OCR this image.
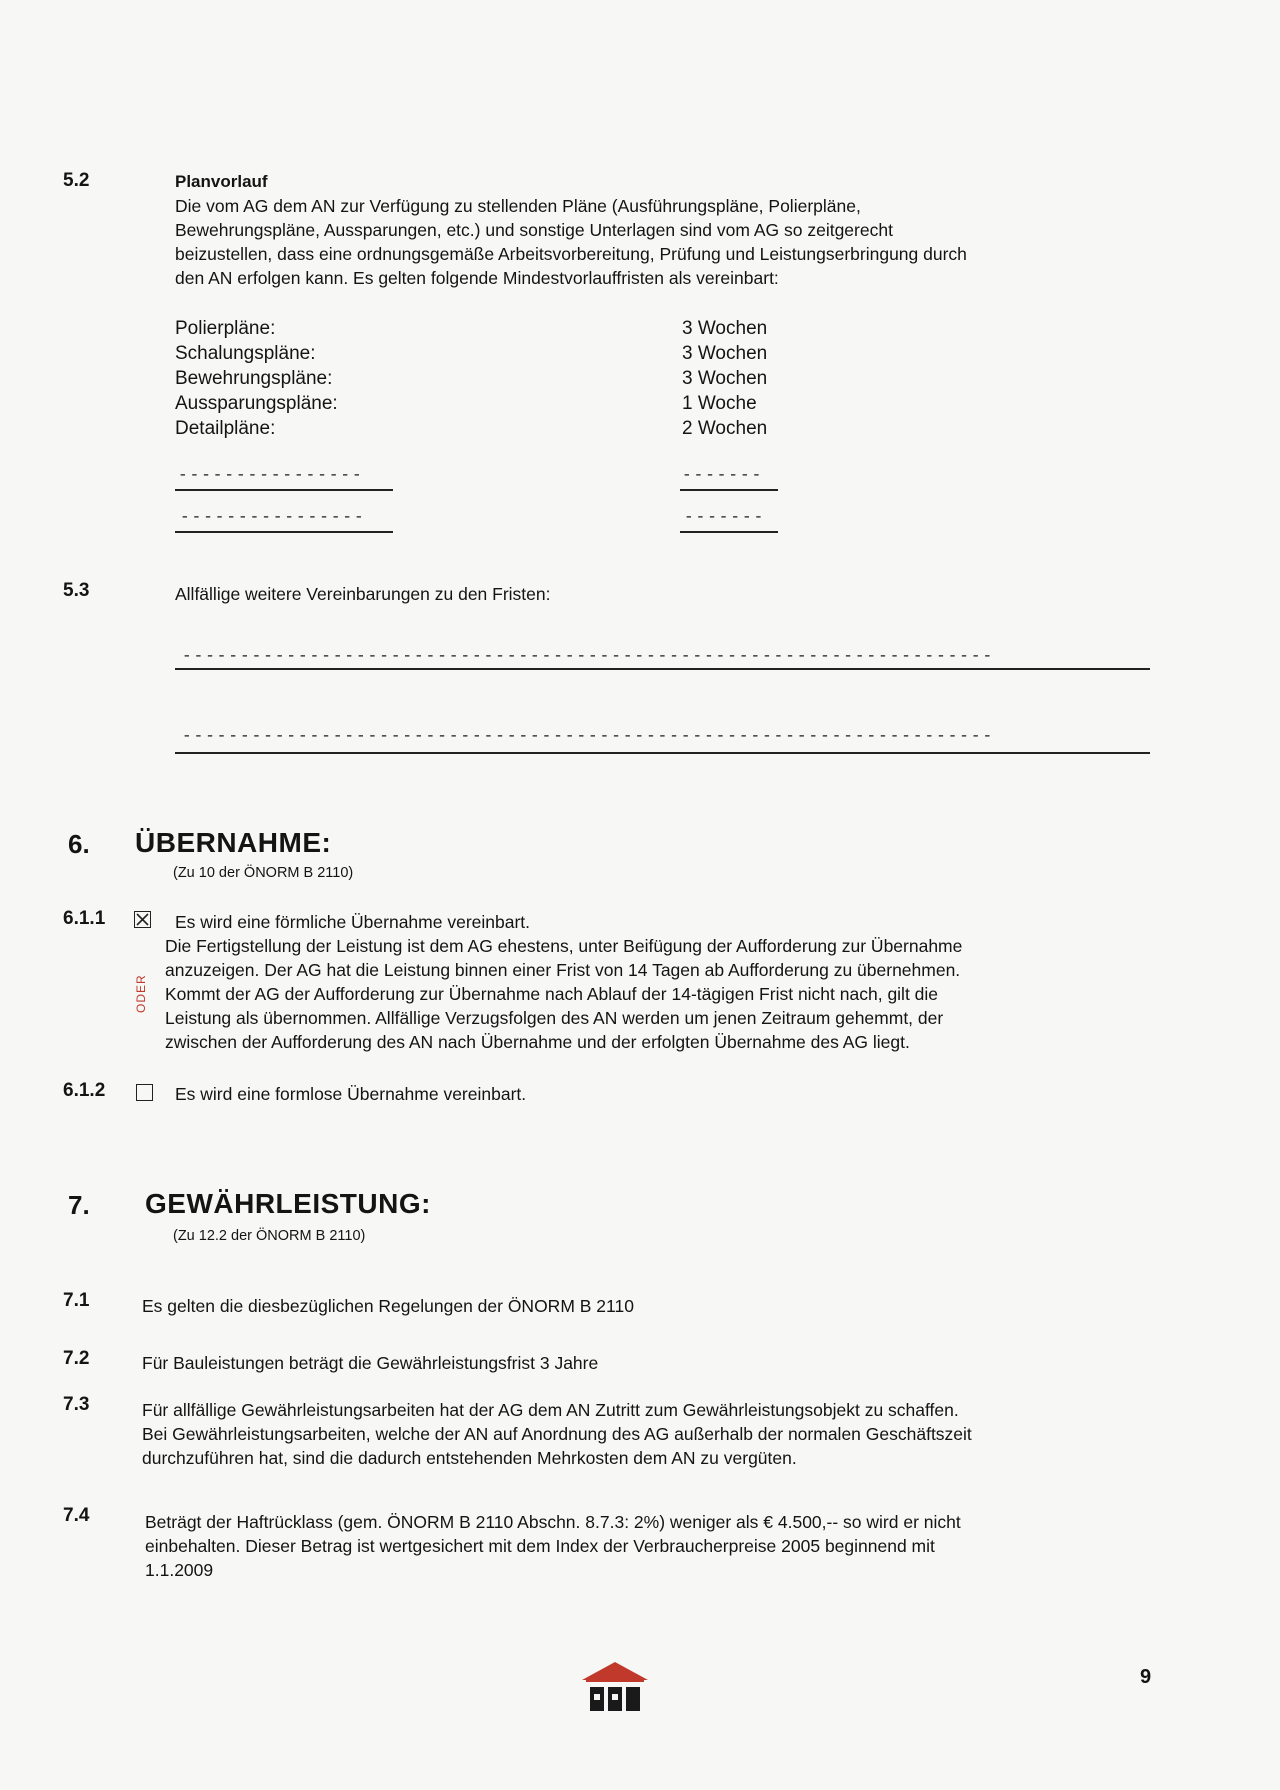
5.2	Planvorlauf
Die vom AG dem AN zur Verfügung zu stellenden Pläne (Ausführungspläne, Polierpläne,
Bewehrungspläne, Aussparungen, etc.) und sonstige Unterlagen sind vom AG so zeitgerecht
beizustellen, dass eine ordnungsgemäße Arbeitsvorbereitung, Prüfung und Leistungserbringung durch
den AN erfolgen kann. Es gelten folgende Mindestvorlauffristen als vereinbart:
Polierpläne:	3 Wochen
Schalungspläne:	3 Wochen
Bewehrungspläne:	3 Wochen
Aussparungspläne:	1 Woche
Detailpläne:	2 Wochen
----------------	-------
----------------	-------
5.3	Allfällige weitere Vereinbarungen zu den Fristen:
----------------------------------------------------------------------
----------------------------------------------------------------------
6. ÜBERNAHME:
(Zu 10 der ÖNORM B 2110)
6.1.1	Es wird eine förmliche Übernahme vereinbart.
Die Fertigstellung der Leistung ist dem AG ehestens, unter Beifügung der Aufforderung zur Übernahme
anzuzeigen. Der AG hat die Leistung binnen einer Frist von 14 Tagen ab Aufforderung zu übernehmen.
Kommt der AG der Aufforderung zur Übernahme nach Ablauf der 14-tägigen Frist nicht nach, gilt die
Leistung als übernommen. Allfällige Verzugsfolgen des AN werden um jenen Zeitraum gehemmt, der
zwischen der Aufforderung des AN nach Übernahme und der erfolgten Übernahme des AG liegt.
ODER
6.1.2	Es wird eine formlose Übernahme vereinbart.
7. GEWÄHRLEISTUNG:
(Zu 12.2 der ÖNORM B 2110)
7.1	Es gelten die diesbezüglichen Regelungen der ÖNORM B 2110
7.2	Für Bauleistungen beträgt die Gewährleistungsfrist 3 Jahre
7.3	Für allfällige Gewährleistungsarbeiten hat der AG dem AN Zutritt zum Gewährleistungsobjekt zu schaffen.
Bei Gewährleistungsarbeiten, welche der AN auf Anordnung des AG außerhalb der normalen Geschäftszeit
durchzuführen hat, sind die dadurch entstehenden Mehrkosten dem AN zu vergüten.
7.4	Beträgt der Haftrücklass (gem. ÖNORM B 2110 Abschn. 8.7.3: 2%) weniger als € 4.500,-- so wird er nicht
einbehalten. Dieser Betrag ist wertgesichert mit dem Index der Verbraucherpreise 2005 beginnend mit
1.1.2009
9
